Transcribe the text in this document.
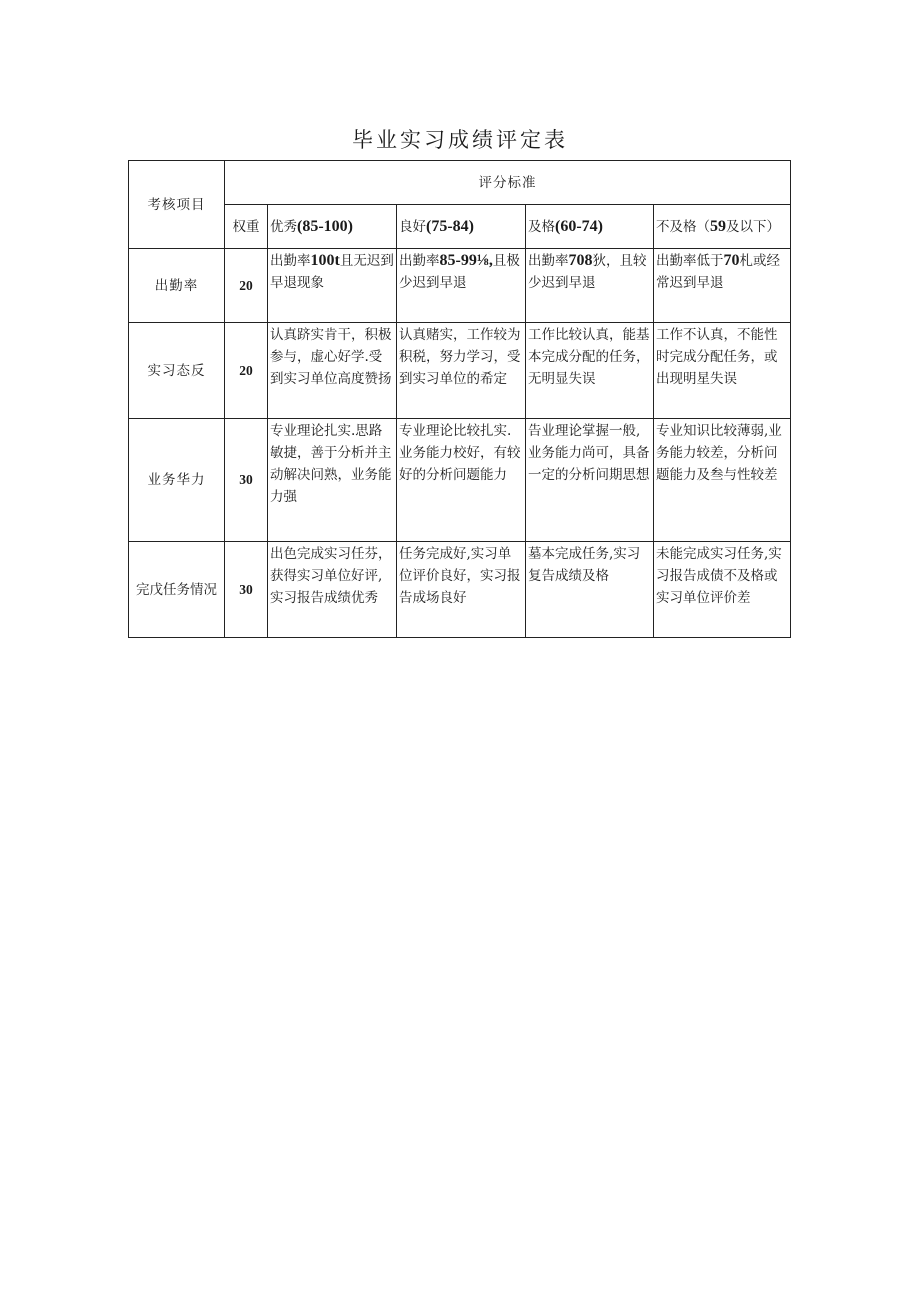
毕业实习成绩评定表
考核项目	评分标准				
	权重	优秀(85-100)	良好(75-84)	及格(60-74)	不及格（59及以下）
出勤率	20	出勤率100t且无迟到早退现象	出勤率85-99⅛,且极少迟到早退	出勤率708狄，且较少迟到早退	出勤率低于70札或经常迟到早退
实习态反	20	认真跻实肯干，积极参与，虚心好学.受到实习单位高度赞扬	认真赌实，工作较为积税，努力学习，受到实习单位的希定	工作比较认真，能基本完成分配的任务，无明显失误	工作不认真，不能性时完成分配任务，或出现明星失误
业务华力	30	专业理论扎实.思路敏捷，善于分析并主动解决问熟，业务能力强	专业理论比较扎实.业务能力校好，有较好的分析问题能力	告业理论掌握一般,业务能力尚可，具备一定的分析问期思想	专业知识比较薄弱,业务能力较差，分析问题能力及叁与性较差
完戊任务情况	30	出色完成实习任芬，获得实习单位好评,实习报告成绩优秀	任务完成好,实习单位评价良好，实习报告成场良好	墓本完成任务,实习复告成绩及格	未能完成实习任务,实习报告成债不及格或实习单位评价差
